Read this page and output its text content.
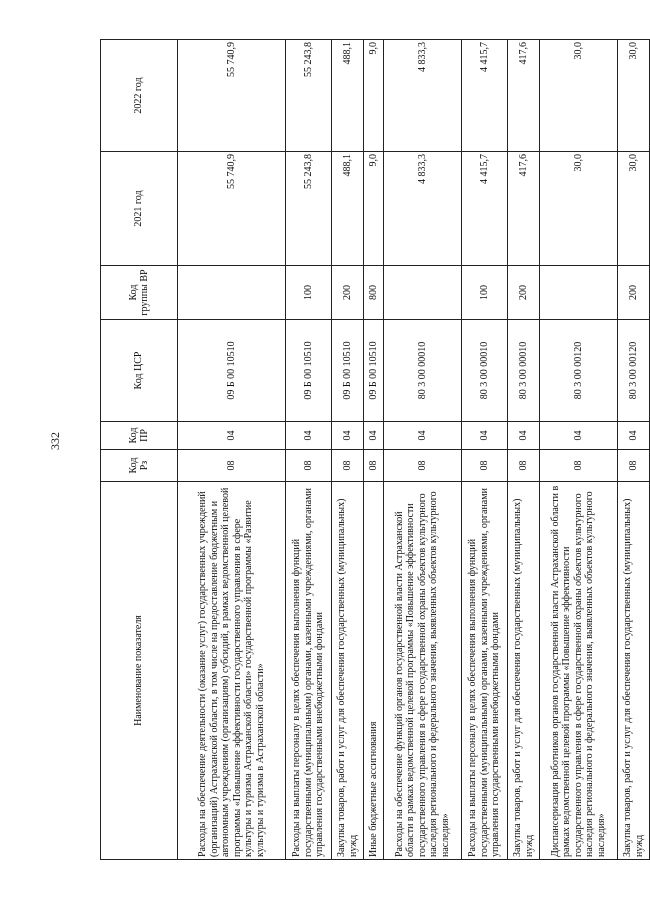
332
Наименование показателя	Код Рз	Код ПР	Код ЦСР	Код группы ВР	2021 год	2022 год
Расходы на обеспечение деятельности (оказание услуг) государственных учреждений (организаций) Астраханской области, в том числе на предоставление бюджетным и автономным учреждениям (организациям) субсидий, в рамках ведомственной целевой программы «Повышение эффективности государственного управления в сфере культуры и туризма Астраханской области» государственной программы «Развитие культуры и туризма в Астраханской области»	08	04	09 Б 00 10510		55 740,9	55 740,9
Расходы на выплаты персоналу в целях обеспечения выполнения функций государственными (муниципальными) органами, казенными учреждениями, органами управления государственными внебюджетными фондами	08	04	09 Б 00 10510	100	55 243,8	55 243,8
Закупка товаров, работ и услуг для обеспечения государственных (муниципальных) нужд	08	04	09 Б 00 10510	200	488,1	488,1
Иные бюджетные ассигнования	08	04	09 Б 00 10510	800	9,0	9,0
Расходы на обеспечение функций органов государственной власти Астраханской области в рамках ведомственной целевой программы «Повышение эффективности государственного управления в сфере государственной охраны объектов культурного наследия регионального и федерального значения, выявленных объектов культурного наследия»	08	04	80 3 00 00010		4 833,3	4 833,3
Расходы на выплаты персоналу в целях обеспечения выполнения функций государственными (муниципальными) органами, казенными учреждениями, органами управления государственными внебюджетными фондами	08	04	80 3 00 00010	100	4 415,7	4 415,7
Закупка товаров, работ и услуг для обеспечения государственных (муниципальных) нужд	08	04	80 3 00 00010	200	417,6	417,6
Диспансеризация работников органов государственной власти Астраханской области в рамках ведомственной целевой программы «Повышение эффективности государственного управления в сфере государственной охраны объектов культурного наследия регионального и федерального значения, выявленных объектов культурного наследия»	08	04	80 3 00 00120		30,0	30,0
Закупка товаров, работ и услуг для обеспечения государственных (муниципальных) нужд	08	04	80 3 00 00120	200	30,0	30,0
